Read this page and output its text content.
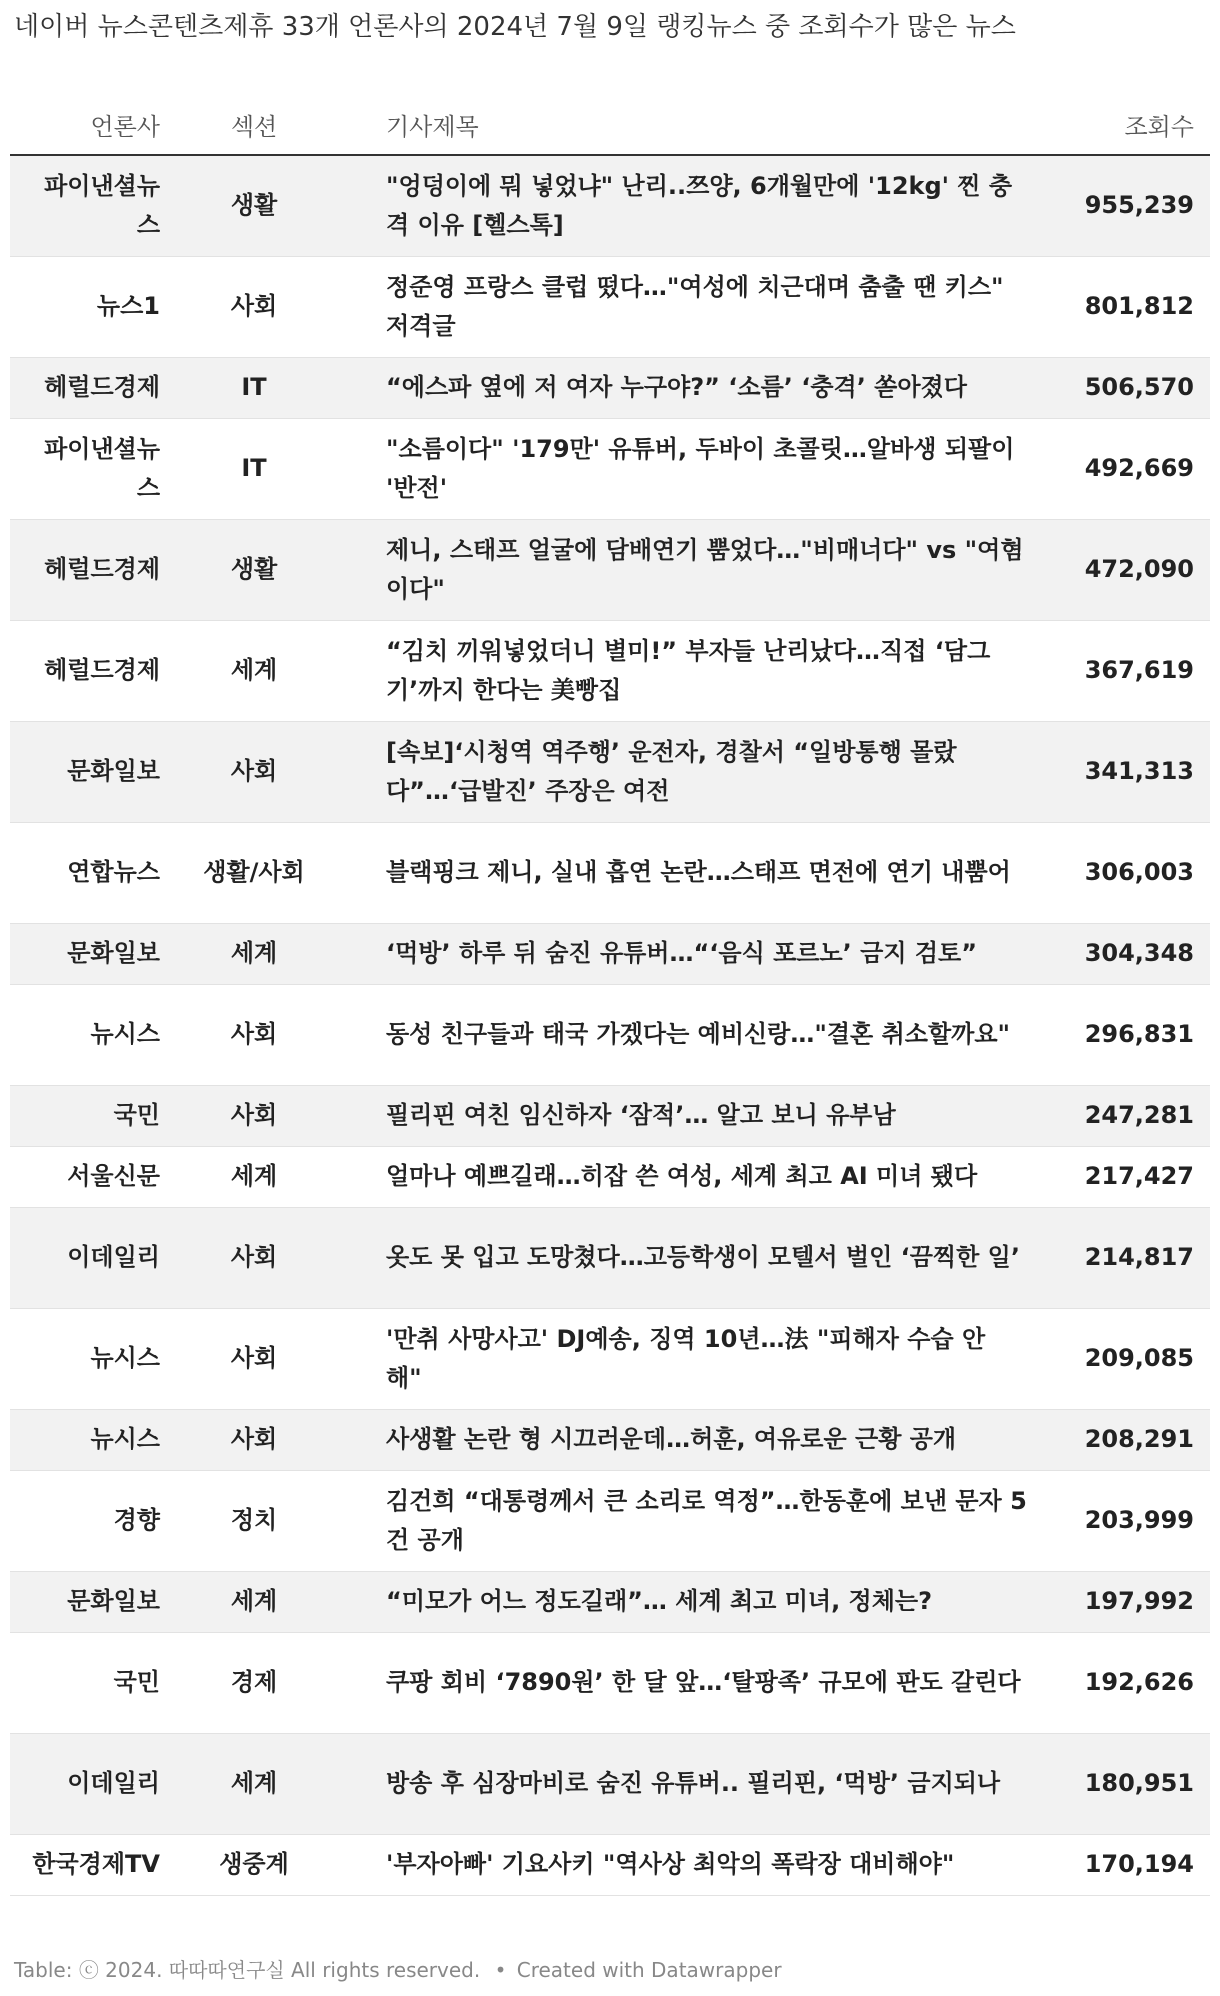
네이버 뉴스콘텐츠제휴 33개 언론사의 2024년 7월 9일 랭킹뉴스 중 조회수가 많은 뉴스
언론사	섹션	기사제목	조회수
파이낸셜뉴스	생활	"엉덩이에 뭐 넣었냐" 난리..쯔양, 6개월만에 '12kg' 찐 충격 이유 [헬스톡]	955,239
뉴스1	사회	정준영 프랑스 클럽 떴다…"여성에 치근대며 춤출 땐 키스" 저격글	801,812
헤럴드경제	IT	“에스파 옆에 저 여자 누구야?” ‘소름’ ‘충격’ 쏟아졌다	506,570
파이낸셜뉴스	IT	"소름이다" '179만' 유튜버, 두바이 초콜릿…알바생 되팔이 '반전'	492,669
헤럴드경제	생활	제니, 스태프 얼굴에 담배연기 뿜었다…"비매너다" vs "여혐이다"	472,090
헤럴드경제	세계	“김치 끼워넣었더니 별미!” 부자들 난리났다…직접 ‘담그기’까지 한다는 美빵집	367,619
문화일보	사회	[속보]‘시청역 역주행’ 운전자, 경찰서 “일방통행 몰랐다”…‘급발진’ 주장은 여전	341,313
연합뉴스	생활/사회	블랙핑크 제니, 실내 흡연 논란…스태프 면전에 연기 내뿜어	306,003
문화일보	세계	‘먹방’ 하루 뒤 숨진 유튜버…“‘음식 포르노’ 금지 검토”	304,348
뉴시스	사회	동성 친구들과 태국 가겠다는 예비신랑…"결혼 취소할까요"	296,831
국민	사회	필리핀 여친 임신하자 ‘잠적’… 알고 보니 유부남	247,281
서울신문	세계	얼마나 예쁘길래…히잡 쓴 여성, 세계 최고 AI 미녀 됐다	217,427
이데일리	사회	옷도 못 입고 도망쳤다…고등학생이 모텔서 벌인 ‘끔찍한 일’	214,817
뉴시스	사회	'만취 사망사고' DJ예송, 징역 10년…法 "피해자 수습 안 해"	209,085
뉴시스	사회	사생활 논란 형 시끄러운데…허훈, 여유로운 근황 공개	208,291
경향	정치	김건희 “대통령께서 큰 소리로 역정”…한동훈에 보낸 문자 5건 공개	203,999
문화일보	세계	“미모가 어느 정도길래”… 세계 최고 미녀, 정체는?	197,992
국민	경제	쿠팡 회비 ‘7890원’ 한 달 앞…‘탈팡족’ 규모에 판도 갈린다	192,626
이데일리	세계	방송 후 심장마비로 숨진 유튜버.. 필리핀, ‘먹방’ 금지되나	180,951
한국경제TV	생중계	'부자아빠' 기요사키 "역사상 최악의 폭락장 대비해야"	170,194
Table: ⓒ 2024. 따따따연구실 All rights reserved. • Created with Datawrapper
